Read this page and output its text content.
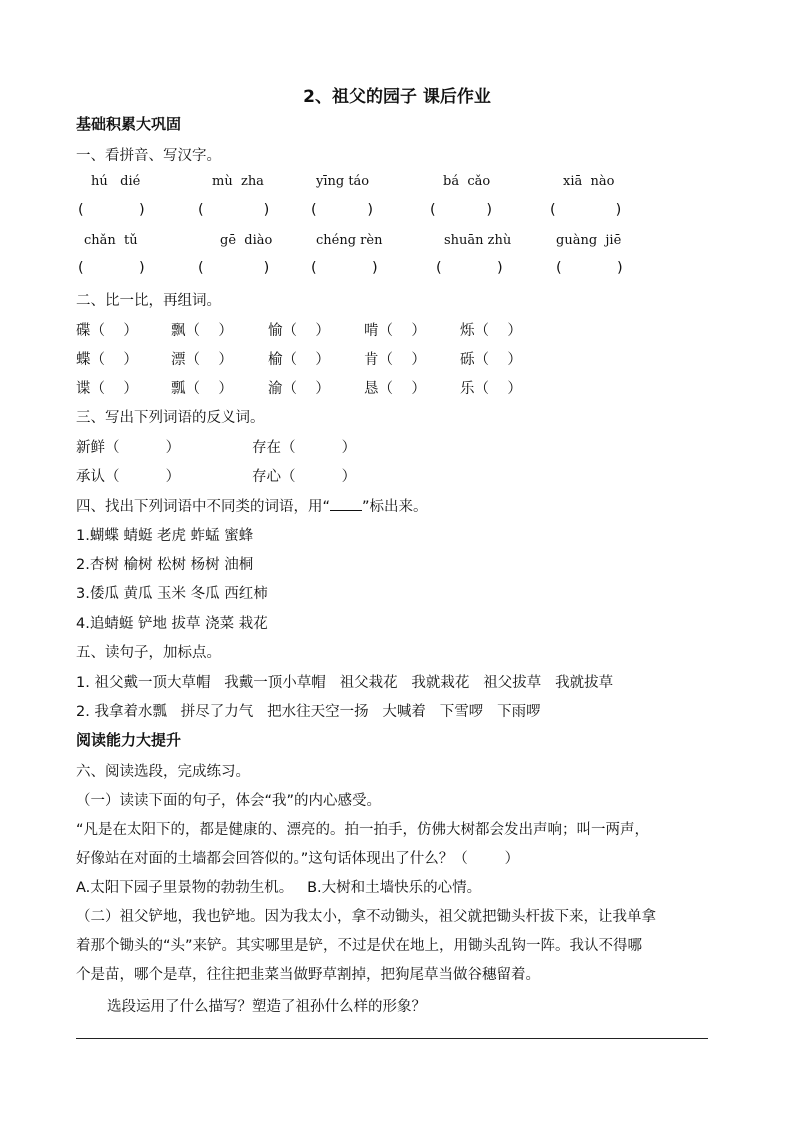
2、祖父的园子 课后作业
基础积累大巩固
一、看拼音、写汉字。
hú   dié	mù  zha	yīng táo	bá  cǎo	xiā  nào
(            )	(             )	(           )	(           )	(             )
chǎn  tǔ	gē  diào	chéng rèn	shuān zhù	guàng  jiē
(            )	(             )	(            )	(            )	(            )
二、比一比，再组词。
碟（    ） 飘（    ） 愉（    ） 啃（    ） 烁（    ）
蝶（    ） 漂（    ） 榆（    ） 肯（    ） 砾（    ）
谍（    ） 瓢（    ） 渝（    ） 恳（    ） 乐（    ）
三、写出下列词语的反义词。
新鲜（          ）	存在（          ）
承认（          ）	存心（          ）
四、找出下列词语中不同类的词语，用“ ”标出来。
1.蝴蝶 蜻蜓 老虎 蚱蜢 蜜蜂
2.杏树 榆树 松树 杨树 油桐
3.倭瓜 黄瓜 玉米 冬瓜 西红柿
4.追蜻蜓 铲地 拔草 浇菜 栽花
五、读句子，加标点。
1. 祖父戴一顶大草帽   我戴一顶小草帽   祖父栽花   我就栽花   祖父拔草   我就拔草
2. 我拿着水瓢   拼尽了力气   把水往天空一扬   大喊着   下雪啰   下雨啰
阅读能力大提升
六、阅读选段，完成练习。
（一）读读下面的句子，体会“我”的内心感受。
“凡是在太阳下的，都是健康的、漂亮的。拍一拍手，仿佛大树都会发出声响；叫一两声，
好像站在对面的土墙都会回答似的。”这句话体现出了什么？（        ）
A.太阳下园子里景物的勃勃生机。   B.大树和土墙快乐的心情。
（二）祖父铲地，我也铲地。因为我太小，拿不动锄头，祖父就把锄头杆拔下来，让我单拿
着那个锄头的“头”来铲。其实哪里是铲，不过是伏在地上，用锄头乱钩一阵。我认不得哪
个是苗，哪个是草，往往把韭菜当做野草割掉，把狗尾草当做谷穗留着。
选段运用了什么描写？塑造了祖孙什么样的形象？
